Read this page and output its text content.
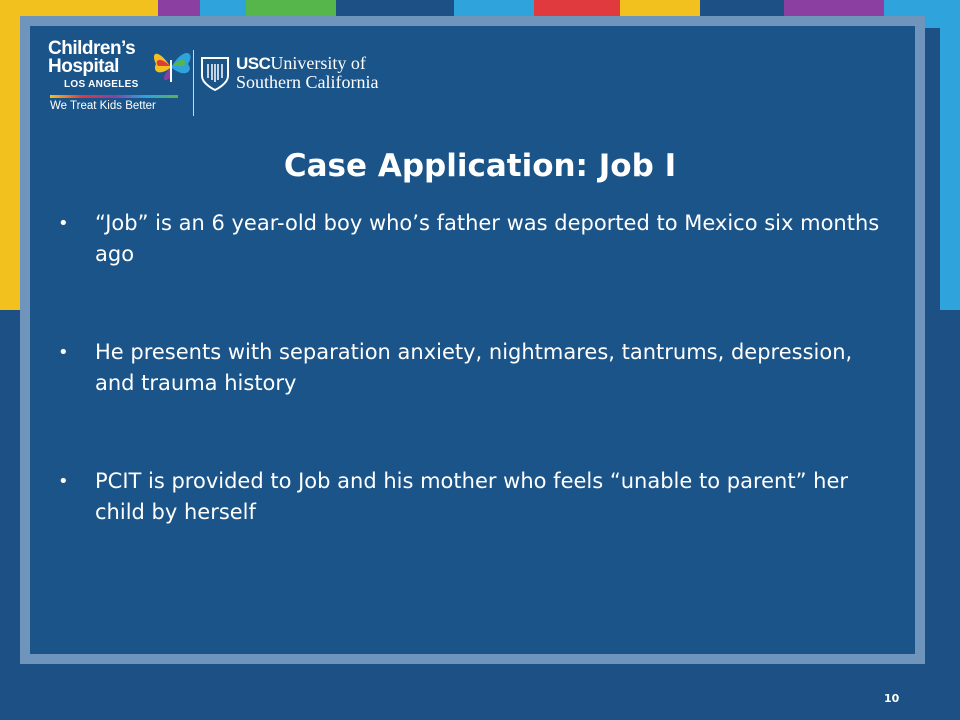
Children’s
Hospital
LOS ANGELES
We Treat Kids Better
USCUniversity of
Southern California
Case Application: Job I
• “Job” is an 6 year-old boy who’s father was deported to Mexico six months ago
• He presents with separation anxiety, nightmares, tantrums, depression, and trauma history
• PCIT is provided to Job and his mother who feels “unable to parent” her child by herself
10
